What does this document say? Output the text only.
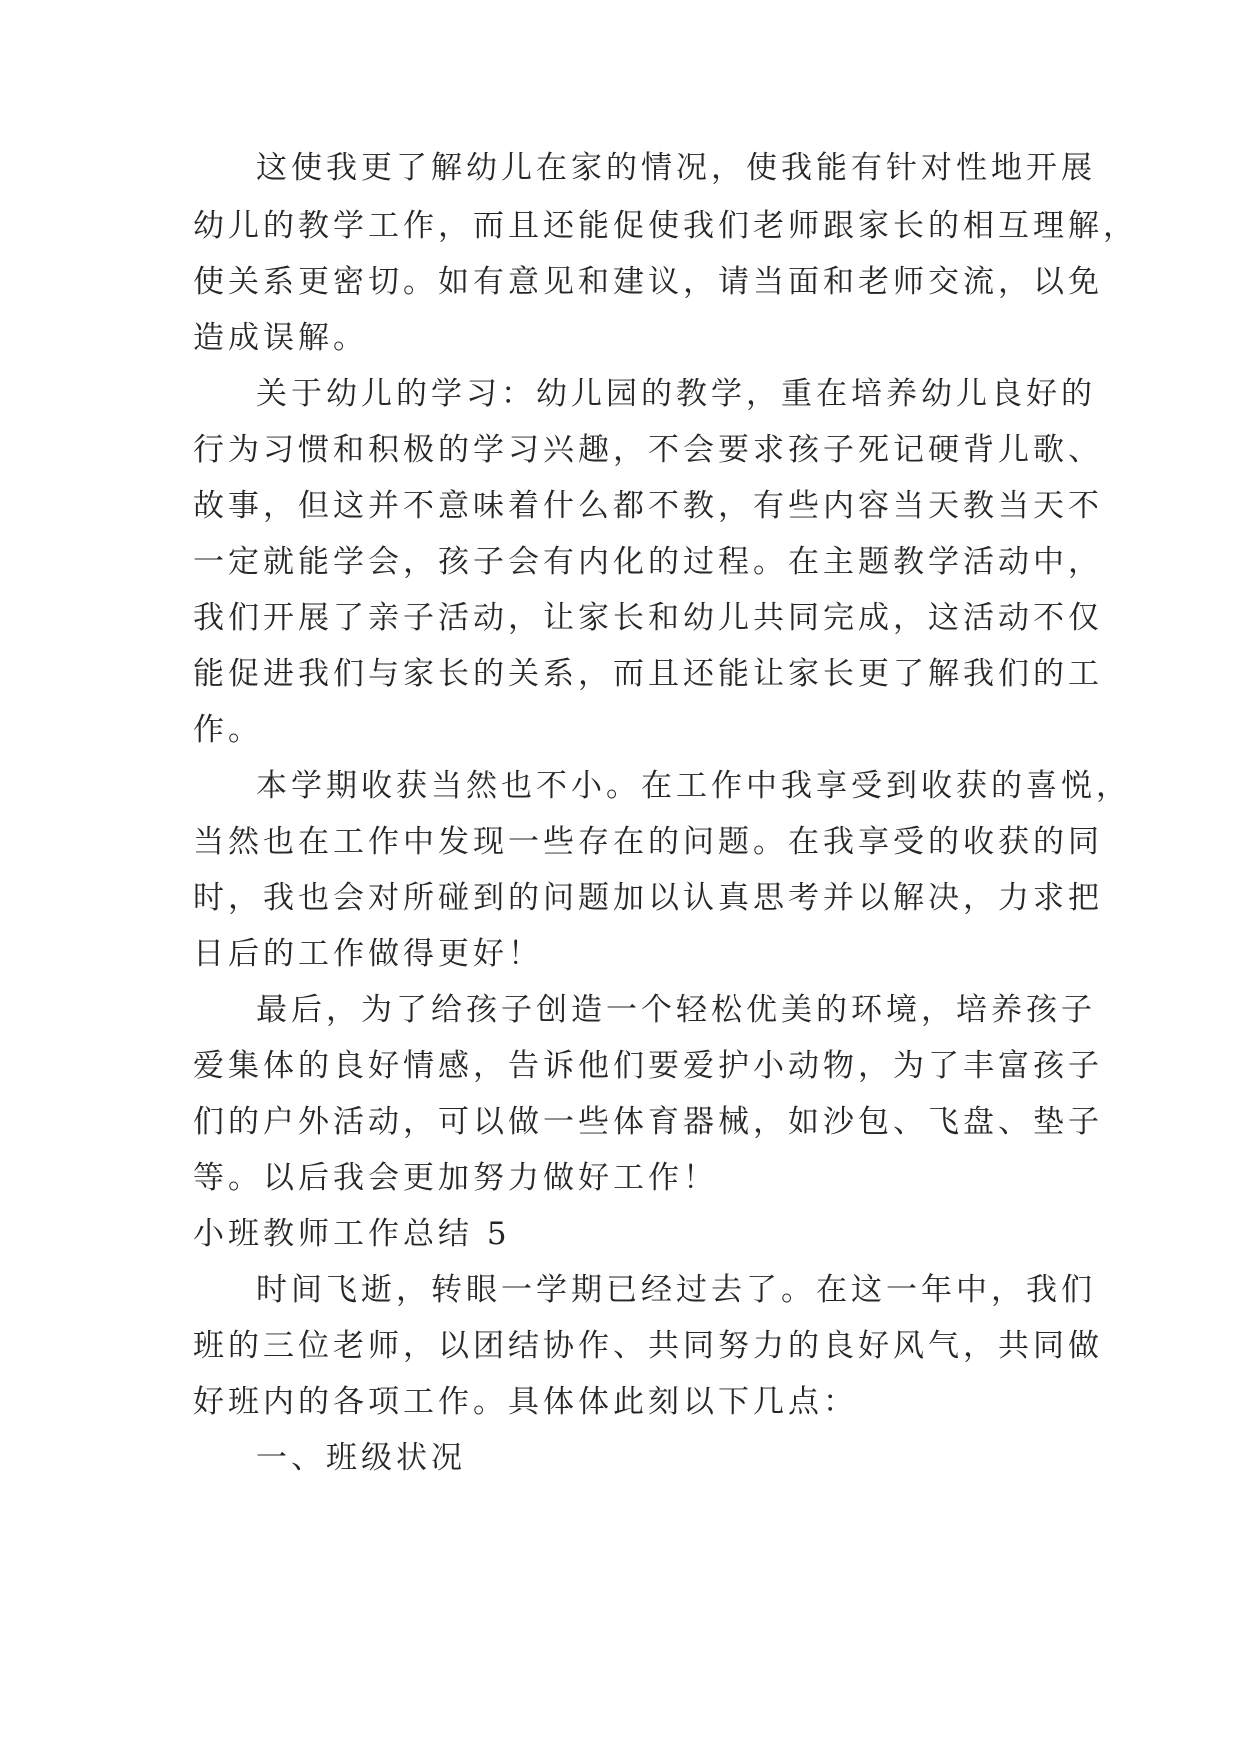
这使我更了解幼儿在家的情况，使我能有针对性地开展

幼儿的教学工作，而且还能促使我们老师跟家长的相互理解，

使关系更密切。如有意见和建议，请当面和老师交流，以免

造成误解。

关于幼儿的学习：幼儿园的教学，重在培养幼儿良好的

行为习惯和积极的学习兴趣，不会要求孩子死记硬背儿歌、

故事，但这并不意味着什么都不教，有些内容当天教当天不

一定就能学会，孩子会有内化的过程。在主题教学活动中，

我们开展了亲子活动，让家长和幼儿共同完成，这活动不仅

能促进我们与家长的关系，而且还能让家长更了解我们的工

作。

本学期收获当然也不小。在工作中我享受到收获的喜悦，

当然也在工作中发现一些存在的问题。在我享受的收获的同

时，我也会对所碰到的问题加以认真思考并以解决，力求把

日后的工作做得更好！

最后，为了给孩子创造一个轻松优美的环境，培养孩子

爱集体的良好情感，告诉他们要爱护小动物，为了丰富孩子

们的户外活动，可以做一些体育器械，如沙包、飞盘、垫子

等。以后我会更加努力做好工作！

小班教师工作总结 5

时间飞逝，转眼一学期已经过去了。在这一年中，我们

班的三位老师，以团结协作、共同努力的良好风气，共同做

好班内的各项工作。具体体此刻以下几点：

一、班级状况
